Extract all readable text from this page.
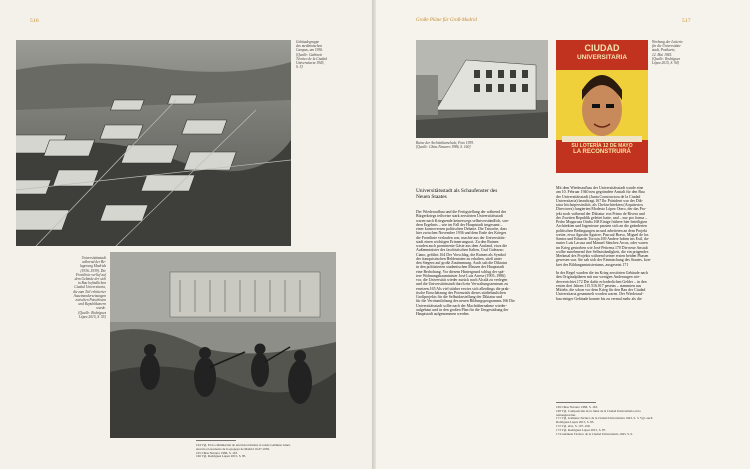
516
Gebäudegruppe
des medizinischen
Campus, um 1936.
[Quelle: Gabinete
Técnico de la Ciudad
Universitaria 1943,
S. 5]
Universitätsstadt
während der Be-
lagerung Madrids
(1936–1939). Die
Frontlinie verlief auf
dem Gelände der sich
in Bau befindlichen
Ciudad Universitaria,
die zum Teil erbitterter
Auseinandersetzungen
zwischen Putschisten
und Republikanern
wurde.
[Quelle: Rodríguez
López 2015, S. 55]
164 Vgl. En la culminación de tan triste trinidad, el rondo Gabinete Giner.
encerró el escenario de la epopeya de Madrid 16.07.1939.
165 Chías Navarro 1986, S. 163.
166 Vgl. Rodríguez López 2015, S. 85.
Große Pläne für Groß-Madrid	517
Ruine der Architekturschule, Foto 1939.
[Quelle: Chías Navarro 1986, S. 160]
CIUDAD
UNIVERSITARIA
SU LOTERÍA 12 DE MAYO
LA RECONSTRUIRÁ
Werbung der Lotterie
für die Universitäts-
stadt, Postkarte,
12. Mai 1945.
[Quelle: Rodríguez
López 2015, S. 94]
Universitätsstadt als Schaufenster des
Neuen Staates
Der Wiederaufbau und die Fertigstellung der während des
Bürgerkriegs teilweise stark zerstörten Universitätsstadt
waren nach Kriegsende keineswegs selbstverständlich, son-
dern Ergebnis – wie im Fall der Hauptstadt insgesamt –
einer kontroversen politischen Debatte. Die Tatsache, dass
hier zwischen November 1936 und dem Ende des Krieges
die Frontlinie verlaufen war, machte aus der Universitäts-
stadt einen wichtigen Erinnerungsort. Zu den Ruinen
wurden auch prominente Gäste aus dem Ausland, etwa die
Außenminister des faschistischen Italien, Graf Galeazzo
Ciano, geführt.164 Der Vorschlag, die Ruinen als Symbol
der franquistischen Heldentaten zu erhalten, stieß unter
den Siegern auf große Zustimmung. Auch sah die Diktatur
in den politisierten studentischen Massen der Hauptstadt
eine Bedrohung. Vor diesem Hintergrund schlug der spä-
tere Wohnungsbauminister José Luis Arrese (1905–1986)
vor, die Universität wieder zurück nach Alcalá zu verlegen
und die Universitätsstadt durch ein Verwaltungszentrum zu
ersetzen.165 Als viel stärker erwies sich allerdings die prak-
tische Einschätzung des Potenzials dieses städtebaulichen
Großprojekts für die Selbstdarstellung der Diktatur und
für die Verräumlichung des neuen Bildungsprogramms.166 Die
Universitätsstadt sollte nach der Machtübernahme wieder-
aufgebaut und in den großen Plan für die Umgestaltung der
Hauptstadt aufgenommen werden.
Mit dem Wiederaufbau der Universitätsstadt wurde eine
am 10. Februar 1940 neu gegründete Anstalt für den Bau
der Universitätsstadt (Junta Constructora de la Ciudad
Universitaria) beauftragt.167 Ihr Präsident war der Dik-
tator höchstpersönlich, als Chefarchitekten (Arquitectos
Directores) fungierten Modesto López Otero, der das Pro-
jekt noch während der Diktatur von Primo de Rivera und
der Zweiten Republik geleitet hatte, und – nur pro forma –
Pedro Muguruza Otaño.168 Einige frühere hier beteiligten
Architekten und Ingenieure passten sich an die geänderten
politischen Bedingungen an und arbeiteten an dem Projekt
weiter, etwa Agustín Aguirre, Pascual Bravo, Miguel de los
Santos und Eduardo Torroja.169 Andere hoben ins Exil, da-
runter Luis Lacasa und Manuel Sánchez Arcas, oder waren
im Krieg gestorben wie José Petirena.170 Die neue Anstalt
wollte zunehmend ihre Selbstständigkeit, die ein prägendes
Merkmal des Projekts während seiner ersten beiden Phasen
gewesen war. Sie sah sich der Einmischung des Staates, kon-
kret des Bildungsministeriums, ausgesetzt.171
In der Regel wurden die im Krieg zerstörten Gebäude nach
den Originalplänen mit nur wenigen Änderungen wie-
derverrichtet.172 Die dafür erforderlichen Gelder – in den
ersten drei Jahren 115.516.017 pesetas – stammten aus
Mitteln, die schon vor dem Krieg für den Bau der Ciudad
Universitaria gesammelt worden waren. Der Wiederauf-
bau einiger Gebäude konnte bis zu vermal mehr als die
169 Chías Navarro 1986, S. 163.
168 Vgl. Composición de la Junta de la Ciudad Universitaria en la
reinauguración.
171 Vgl. Gabinete Técnico de la Ciudad Universitaria 1943, S. 3. Vgl. auch
Rodríguez López 2015, S. 85.
172 Vgl. ebd., S. 107–109.
173 Vgl. Rodríguez López 2015, S. 87.
174 Gabinete Técnico de la Ciudad Universitaria 1943, S. 6.
